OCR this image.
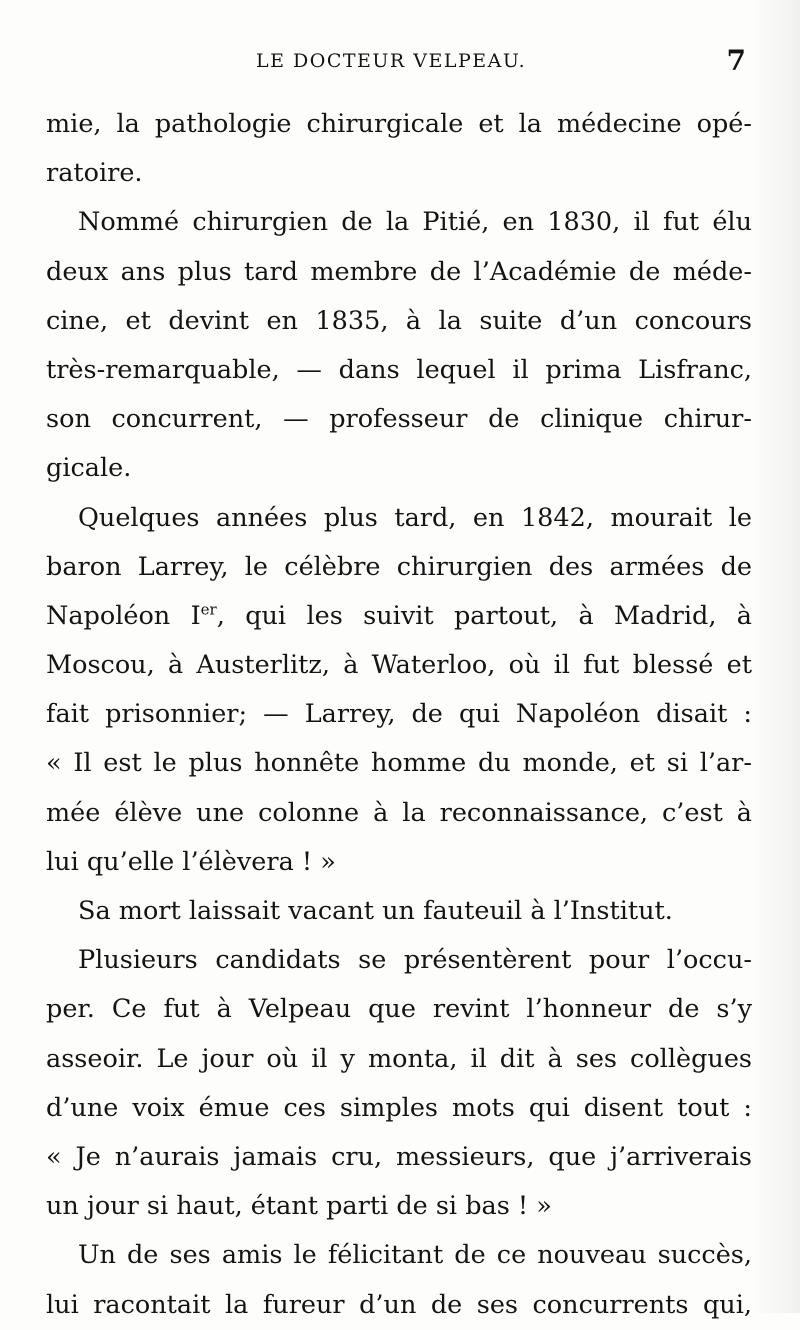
LE DOCTEUR VELPEAU.	7
mie, la pathologie chirurgicale et la médecine opé-
ratoire.
Nommé chirurgien de la Pitié, en 1830, il fut élu
deux ans plus tard membre de l’Académie de méde-
cine, et devint en 1835, à la suite d’un concours
très-remarquable, — dans lequel il prima Lisfranc,
son concurrent, — professeur de clinique chirur-
gicale.
Quelques années plus tard, en 1842, mourait le
baron Larrey, le célèbre chirurgien des armées de
Napoléon Ier, qui les suivit partout, à Madrid, à
Moscou, à Austerlitz, à Waterloo, où il fut blessé et
fait prisonnier; — Larrey, de qui Napoléon disait :
« Il est le plus honnête homme du monde, et si l’ar-
mée élève une colonne à la reconnaissance, c’est à
lui qu’elle l’élèvera ! »
Sa mort laissait vacant un fauteuil à l’Institut.
Plusieurs candidats se présentèrent pour l’occu-
per. Ce fut à Velpeau que revint l’honneur de s’y
asseoir. Le jour où il y monta, il dit à ses collègues
d’une voix émue ces simples mots qui disent tout :
« Je n’aurais jamais cru, messieurs, que j’arriverais
un jour si haut, étant parti de si bas ! »
Un de ses amis le félicitant de ce nouveau succès,
lui racontait la fureur d’un de ses concurrents qui,
